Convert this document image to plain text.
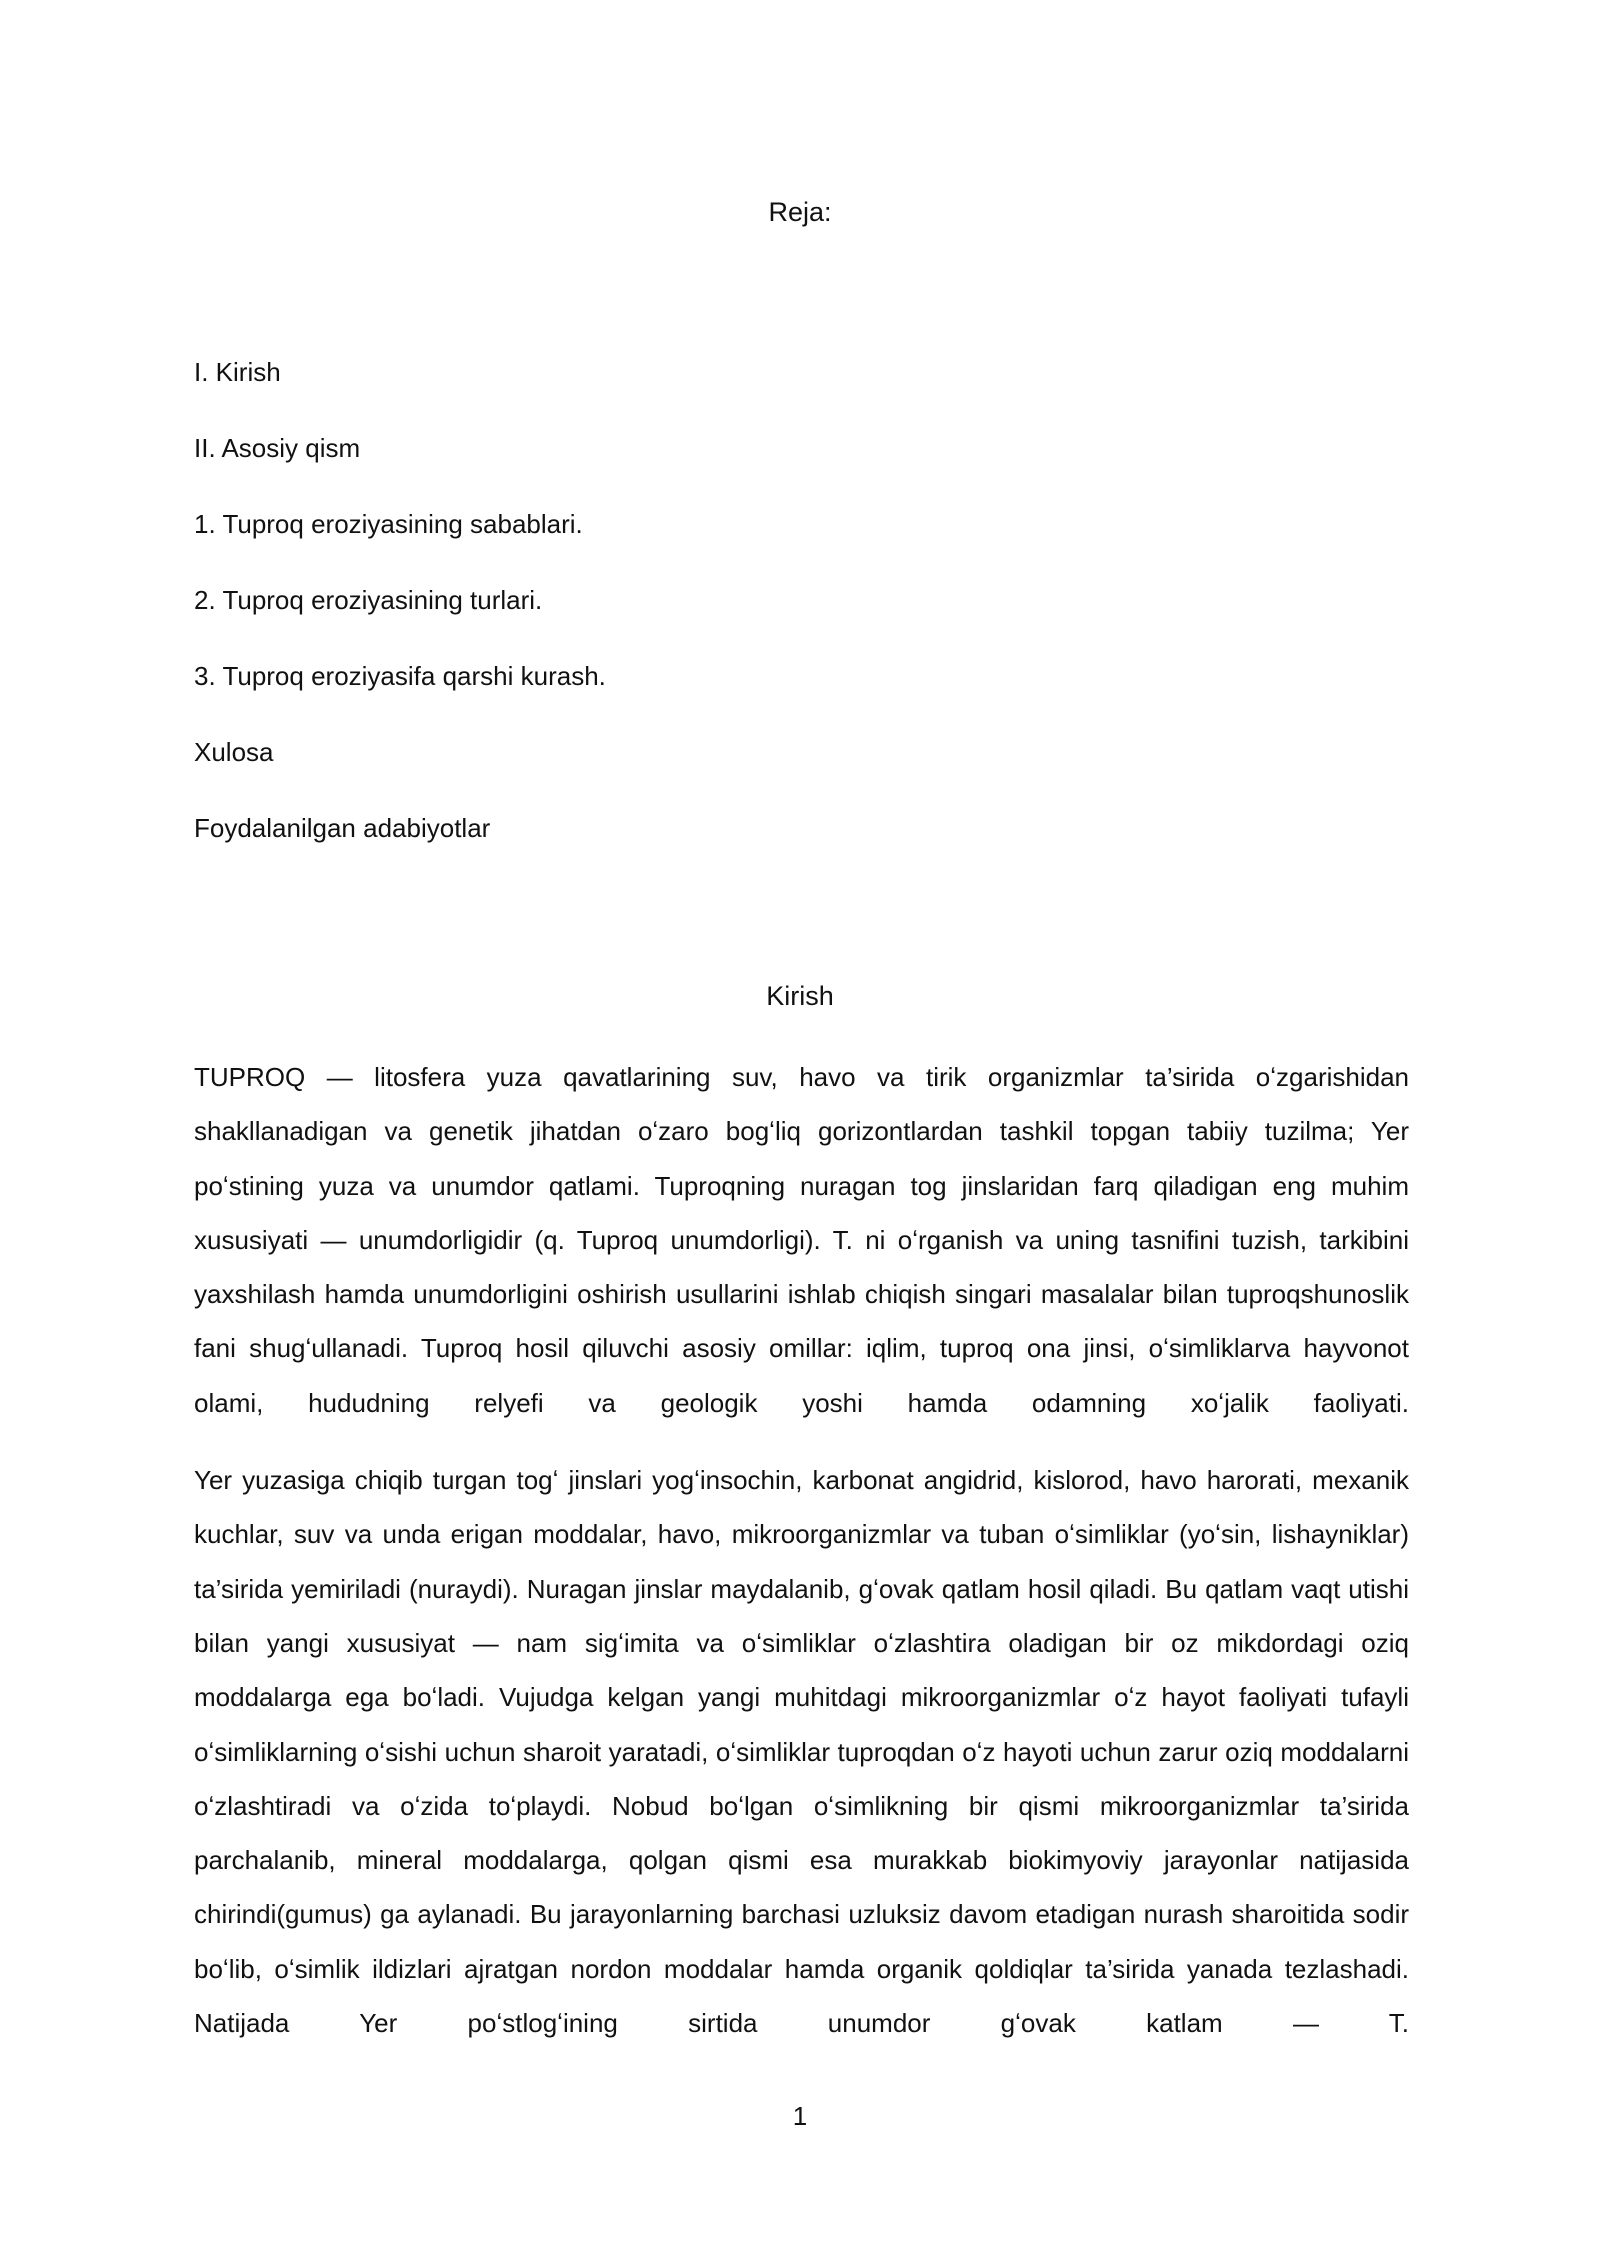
Reja:
I. Kirish
II. Asosiy qism
1. Tuproq eroziyasining sabablari.
2. Tuproq eroziyasining turlari.
3. Tuproq eroziyasifa qarshi kurash.
Xulosa
Foydalanilgan adabiyotlar
Kirish

TUPROQ — litosfera yuza qavatlarining suv, havo va tirik organizmlar ta’sirida oʻzgarishidan shakllanadigan va genetik jihatdan oʻzaro bogʻliq gorizontlardan tashkil topgan tabiiy tuzilma; Yer poʻstining yuza va unumdor qatlami. Tuproqning nuragan tog jinslaridan farq qiladigan eng muhim xususiyati — unumdorligidir (q. Tuproq unumdorligi). T. ni oʻrganish va uning tasnifini tuzish, tarkibini yaxshilash hamda unumdorligini oshirish usullarini ishlab chiqish singari masalalar bilan tuproqshunoslik fani shugʻullanadi. Tuproq hosil qiluvchi asosiy omillar: iqlim, tuproq ona jinsi, oʻsimliklarva hayvonot olami, hududning relyefi va geologik yoshi hamda odamning xoʻjalik faoliyati.

Yer yuzasiga chiqib turgan togʻ jinslari yogʻinsochin, karbonat angidrid, kislorod, havo harorati, mexanik kuchlar, suv va unda erigan moddalar, havo, mikroorganizmlar va tuban oʻsimliklar (yoʻsin, lishayniklar) ta’sirida yemiriladi (nuraydi). Nuragan jinslar maydalanib, gʻovak qatlam hosil qiladi. Bu qatlam vaqt utishi bilan yangi xususiyat — nam sigʻimita va oʻsimliklar oʻzlashtira oladigan bir oz mikdordagi oziq moddalarga ega boʻladi. Vujudga kelgan yangi muhitdagi mikroorganizmlar oʻz hayot faoliyati tufayli oʻsimliklarning oʻsishi uchun sharoit yaratadi, oʻsimliklar tuproqdan oʻz hayoti uchun zarur oziq moddalarni oʻzlashtiradi va oʻzida toʻplaydi. Nobud boʻlgan oʻsimlikning bir qismi mikroorganizmlar ta’sirida parchalanib, mineral moddalarga, qolgan qismi esa murakkab biokimyoviy jarayonlar natijasida chirindi(gumus) ga aylanadi. Bu jarayonlarning barchasi uzluksiz davom etadigan nurash sharoitida sodir boʻlib, oʻsimlik ildizlari ajratgan nordon moddalar hamda organik qoldiqlar ta’sirida yanada tezlashadi. Natijada Yer poʻstlogʻining sirtida unumdor gʻovak katlam — T.

1
